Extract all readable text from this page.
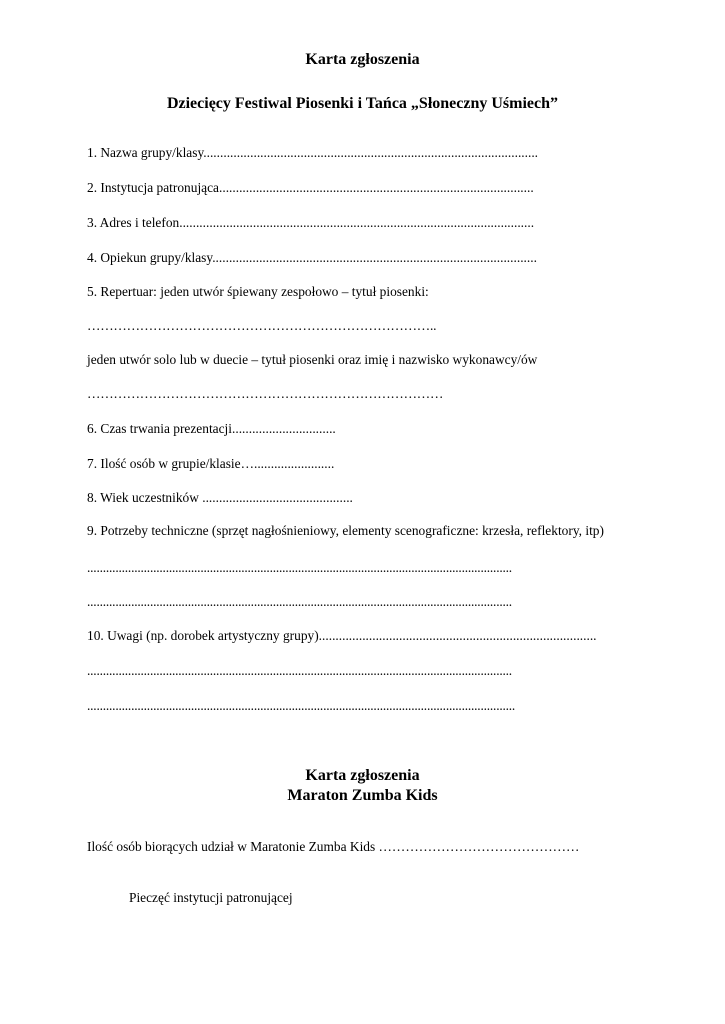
Karta zgłoszenia
Dziecięcy Festiwal Piosenki i Tańca „Słoneczny Uśmiech”
1. Nazwa grupy/klasy....................................................................................................
2. Instytucja patronująca..............................................................................................
3. Adres i telefon..........................................................................................................
4. Opiekun grupy/klasy.................................................................................................
5. Repertuar: jeden utwór śpiewany zespołowo – tytuł piosenki:
……………………………………………………………………..
jeden utwór solo lub w duecie – tytuł piosenki oraz imię i nazwisko wykonawcy/ów
………………………………………………………………………
6. Czas trwania prezentacji...............................
7. Ilość osób w grupie/klasie…........................
8. Wiek uczestników .............................................
9. Potrzeby techniczne (sprzęt nagłośnieniowy, elementy scenograficzne: krzesła, reflektory, itp)
.......................................................................................................................................
.......................................................................................................................................
10. Uwagi (np. dorobek artystyczny grupy)...................................................................................
.......................................................................................................................................
........................................................................................................................................
Karta zgłoszenia
Maraton Zumba Kids
Ilość osób biorących udział w Maratonie Zumba Kids ………………………………………
Pieczęć instytucji patronującej
